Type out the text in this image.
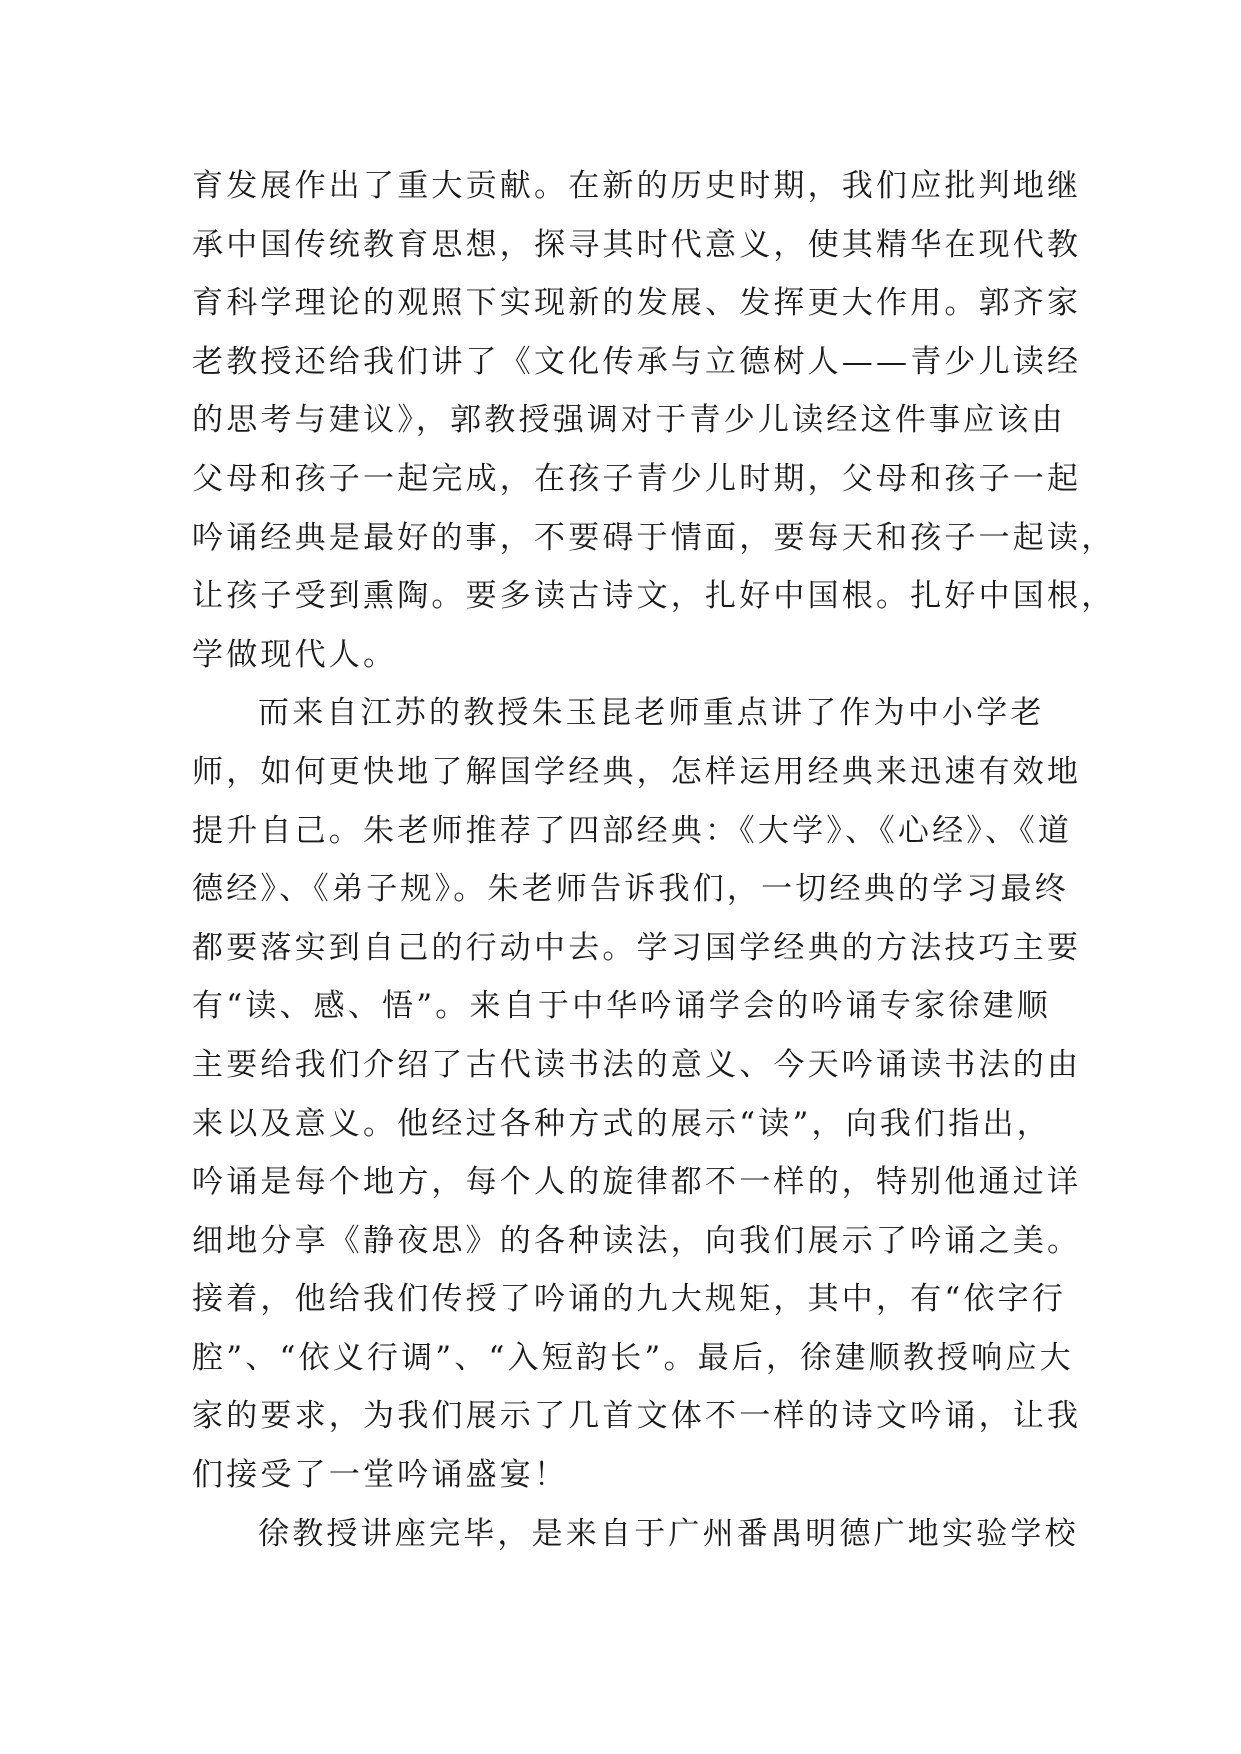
育发展作出了重大贡献。在新的历史时期，我们应批判地继
承中国传统教育思想，探寻其时代意义，使其精华在现代教
育科学理论的观照下实现新的发展、发挥更大作用。郭齐家
老教授还给我们讲了《文化传承与立德树人——青少儿读经
的思考与建议》，郭教授强调对于青少儿读经这件事应该由
父母和孩子一起完成，在孩子青少儿时期，父母和孩子一起
吟诵经典是最好的事，不要碍于情面，要每天和孩子一起读，
让孩子受到熏陶。要多读古诗文，扎好中国根。扎好中国根，
学做现代人。
而来自江苏的教授朱玉昆老师重点讲了作为中小学老
师，如何更快地了解国学经典，怎样运用经典来迅速有效地
提升自己。朱老师推荐了四部经典：《大学》、《心经》、《道
德经》、《弟子规》。朱老师告诉我们，一切经典的学习最终
都要落实到自己的行动中去。学习国学经典的方法技巧主要
有“读、感、悟”。来自于中华吟诵学会的吟诵专家徐建顺
主要给我们介绍了古代读书法的意义、今天吟诵读书法的由
来以及意义。他经过各种方式的展示“读”，向我们指出，
吟诵是每个地方，每个人的旋律都不一样的，特别他通过详
细地分享《静夜思》的各种读法，向我们展示了吟诵之美。
接着，他给我们传授了吟诵的九大规矩，其中，有“依字行
腔”、“依义行调”、“入短韵长”。最后，徐建顺教授响应大
家的要求，为我们展示了几首文体不一样的诗文吟诵，让我
们接受了一堂吟诵盛宴！
徐教授讲座完毕，是来自于广州番禺明德广地实验学校
